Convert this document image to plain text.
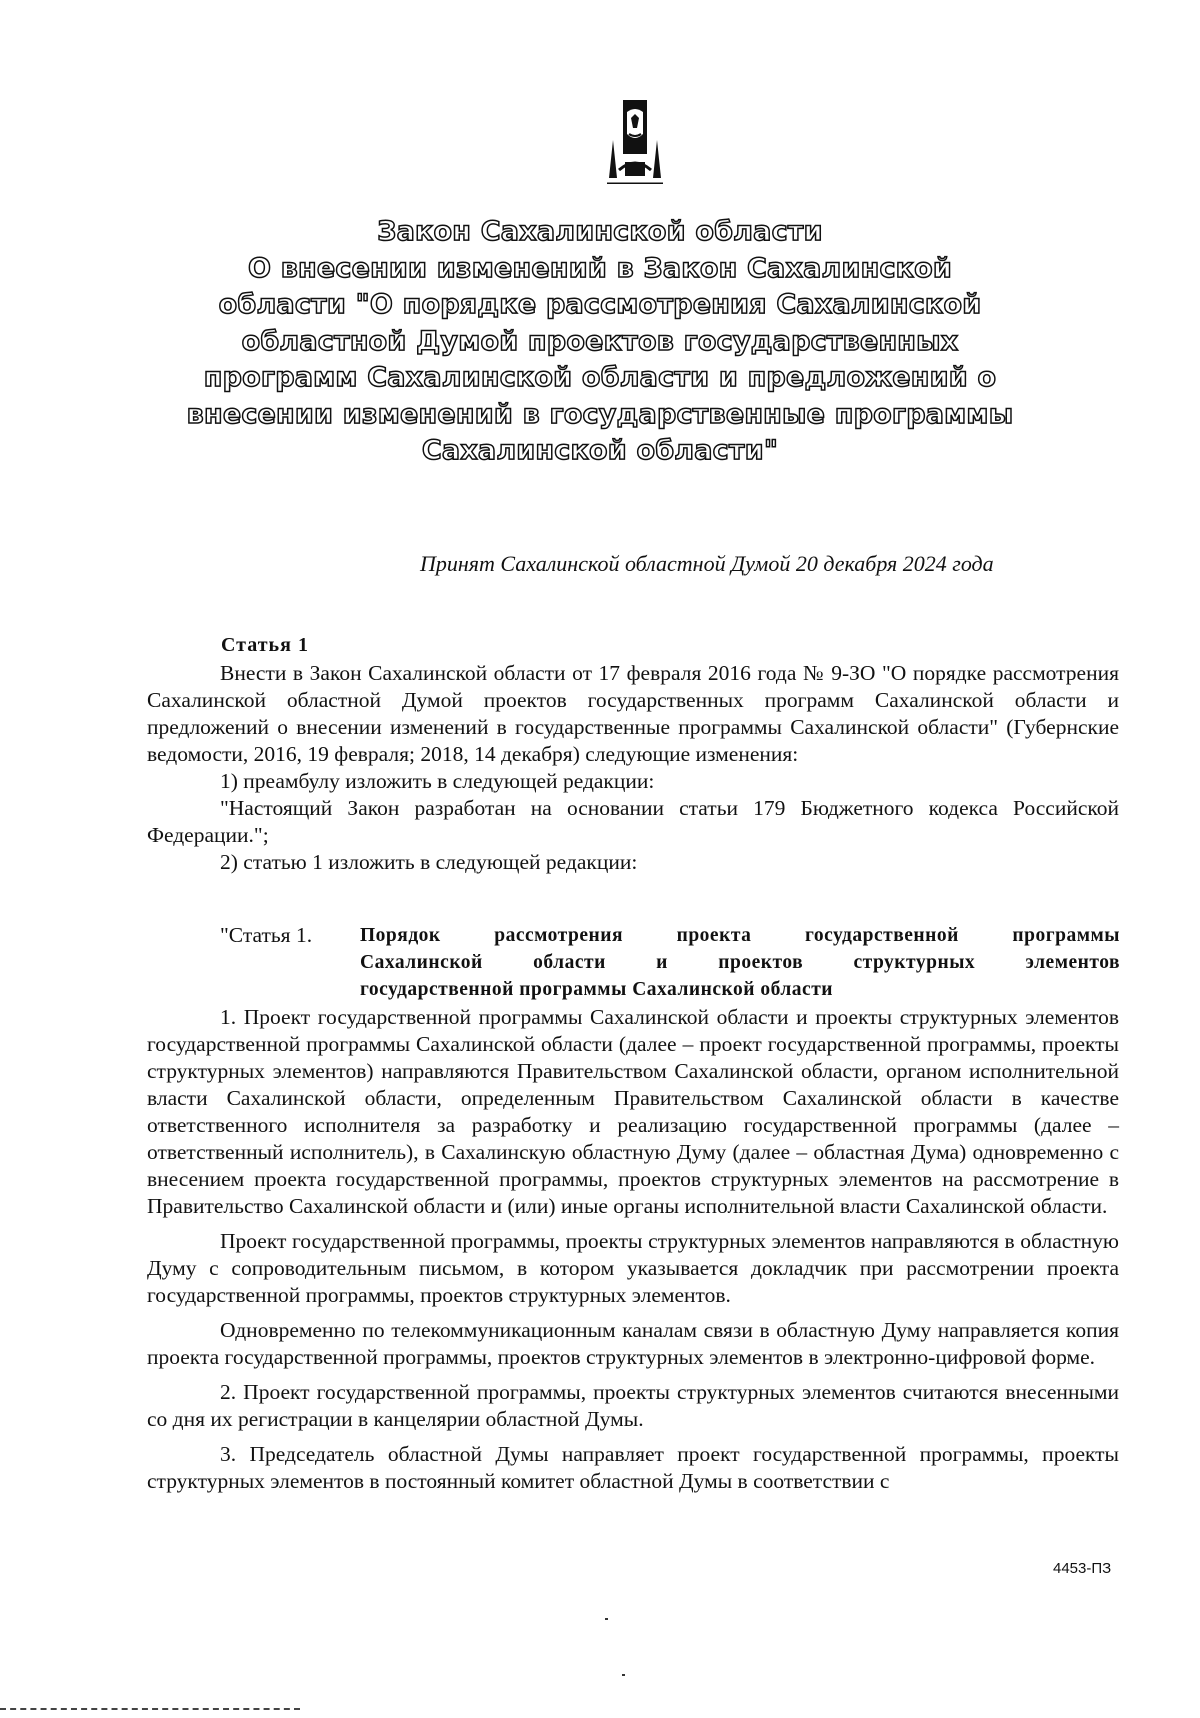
Закон Сахалинской области
О внесении изменений в Закон Сахалинской
области "О порядке рассмотрения Сахалинской
областной Думой проектов государственных
программ Сахалинской области и предложений о
внесении изменений в государственные программы
Сахалинской области"
Принят Сахалинской областной Думой 20 декабря 2024 года
Статья 1

Внести в Закон Сахалинской области от 17 февраля 2016 года № 9-ЗО "О порядке рассмотрения Сахалинской областной Думой проектов государственных программ Сахалинской области и предложений о внесении изменений в государственные программы Сахалинской области" (Губернские ведомости, 2016, 19 февраля; 2018, 14 декабря) следующие изменения:

1) преамбулу изложить в следующей редакции:

"Настоящий Закон разработан на основании статьи 179 Бюджетного кодекса Российской Федерации.";

2) статью 1 изложить в следующей редакции:

"Статья 1. Порядок рассмотрения проекта государственной программы
Сахалинской области и проектов структурных элементов
государственной программы Сахалинской области

1. Проект государственной программы Сахалинской области и проекты структурных элементов государственной программы Сахалинской области (далее – проект государственной программы, проекты структурных элементов) направляются Правительством Сахалинской области, органом исполнительной власти Сахалинской области, определенным Правительством Сахалинской области в качестве ответственного исполнителя за разработку и реализацию государственной программы (далее – ответственный исполнитель), в Сахалинскую областную Думу (далее – областная Дума) одновременно с внесением проекта государственной программы, проектов структурных элементов на рассмотрение в Правительство Сахалинской области и (или) иные органы исполнительной власти Сахалинской области.

Проект государственной программы, проекты структурных элементов направляются в областную Думу с сопроводительным письмом, в котором указывается докладчик при рассмотрении проекта государственной программы, проектов структурных элементов.

Одновременно по телекоммуникационным каналам связи в областную Думу направляется копия проекта государственной программы, проектов структурных элементов в электронно-цифровой форме.

2. Проект государственной программы, проекты структурных элементов считаются внесенными со дня их регистрации в канцелярии областной Думы.

3. Председатель областной Думы направляет проект государственной программы, проекты структурных элементов в постоянный комитет областной Думы в соответствии с

4453-ПЗ
